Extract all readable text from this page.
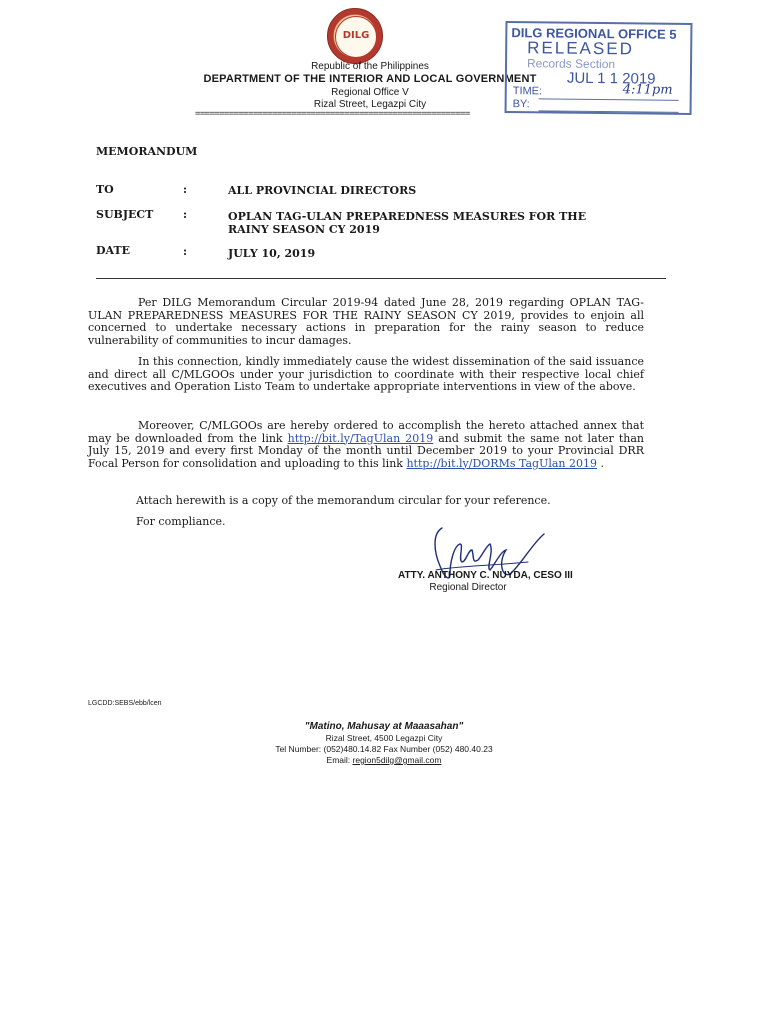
DILG
Republic of the Philippines
DEPARTMENT OF THE INTERIOR AND LOCAL GOVERNMENT
Regional Office V
Rizal Street, Legazpi City
=========================================================
DILG REGIONAL OFFICE 5
RELEASED
Records Section
JUL 1 1 2019
TIME:	4:11pm
BY:
MEMORANDUM
TO	:	ALL PROVINCIAL DIRECTORS
SUBJECT	:	OPLAN TAG-ULAN PREPAREDNESS MEASURES FOR THE RAINY SEASON CY 2019
DATE	:	JULY 10, 2019
Per DILG Memorandum Circular 2019-94 dated June 28, 2019 regarding OPLAN TAG-ULAN PREPAREDNESS MEASURES FOR THE RAINY SEASON CY 2019, provides to enjoin all concerned to undertake necessary actions in preparation for the rainy season to reduce vulnerability of communities to incur damages.
In this connection, kindly immediately cause the widest dissemination of the said issuance and direct all C/MLGOOs under your jurisdiction to coordinate with their respective local chief executives and Operation Listo Team to undertake appropriate interventions in view of the above.
Moreover, C/MLGOOs are hereby ordered to accomplish the hereto attached annex that may be downloaded from the link http://bit.ly/TagUlan 2019 and submit the same not later than July 15, 2019 and every first Monday of the month until December 2019 to your Provincial DRR Focal Person for consolidation and uploading to this link http://bit.ly/DORMs TagUlan 2019 .
Attach herewith is a copy of the memorandum circular for your reference.
For compliance.
ATTY. ANTHONY C. NUYDA, CESO III
Regional Director
LGCDD:SEBS/ebb/lcen
"Matino, Mahusay at Maaasahan"
Rizal Street, 4500 Legazpi City
Tel Number: (052)480.14.82 Fax Number (052) 480.40.23
Email: region5dilg@gmail.com
